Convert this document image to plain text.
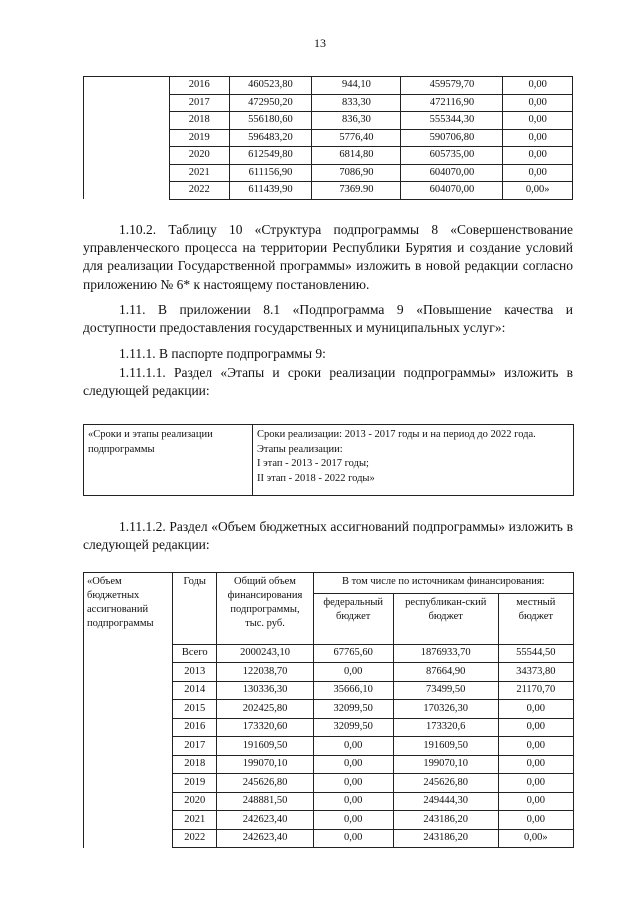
13
	2016	460523,80	944,10	459579,70	0,00
	2017	472950,20	833,30	472116,90	0,00
	2018	556180,60	836,30	555344,30	0,00
	2019	596483,20	5776,40	590706,80	0,00
	2020	612549,80	6814,80	605735,00	0,00
	2021	611156,90	7086,90	604070,00	0,00
	2022	611439,90	7369.90	604070,00	0,00»

1.10.2. Таблицу 10 «Структура подпрограммы 8 «Совершенствование управленческого процесса на территории Республики Бурятия и создание условий для реализации Государственной программы» изложить в новой редакции согласно приложению № 6* к настоящему постановлению.

1.11. В приложении 8.1 «Подпрограмма 9 «Повышение качества и доступности предоставления государственных и муниципальных услуг»:

1.11.1. В паспорте подпрограммы 9:

1.11.1.1. Раздел «Этапы и сроки реализации подпрограммы» изложить в следующей редакции:

«Сроки и этапы реализации подпрограммы	
Сроки реализации: 2013 - 2017 годы и на период до 2022 года.
Этапы реализации:
I этап - 2013 - 2017 годы;
II этап - 2018 - 2022 годы»

1.11.1.2. Раздел «Объем бюджетных ассигнований подпрограммы» изложить в следующей редакции:

«Объем бюджетных ассигнований подпрограммы	Годы	Общий объем финансирования подпрограммы, тыс. руб.	В том числе по источникам финансирования:		
			федеральный бюджет	республикан-ский бюджет	местный бюджет
	Всего	2000243,10	67765,60	1876933,70	55544,50
	2013	122038,70	0,00	87664,90	34373,80
	2014	130336,30	35666,10	73499,50	21170,70
	2015	202425,80	32099,50	170326,30	0,00
	2016	173320,60	32099,50	173320,6	0,00
	2017	191609,50	0,00	191609,50	0,00
	2018	199070,10	0,00	199070,10	0,00
	2019	245626,80	0,00	245626,80	0,00
	2020	248881,50	0,00	249444,30	0,00
	2021	242623,40	0,00	243186,20	0,00
	2022	242623,40	0,00	243186,20	0,00»
